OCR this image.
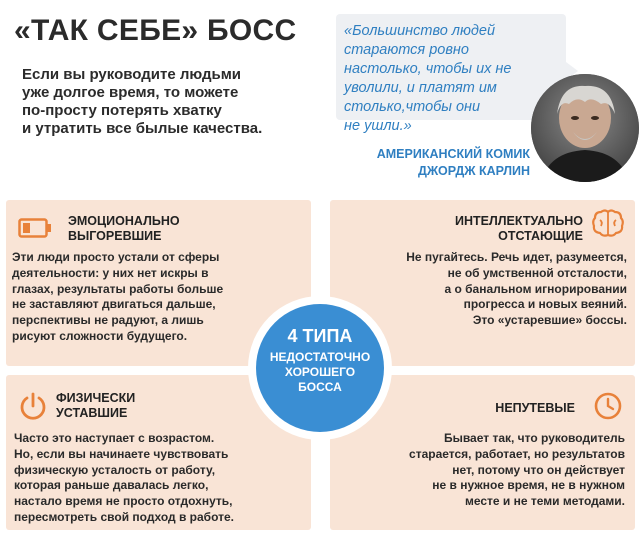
«ТАК СЕБЕ» БОСС
Если вы руководите людьми
уже долгое время, то можете
по-просту потерять хватку
и утратить все былые качества.
«Большинство людей
стараются ровно
настолько, чтобы их не
уволили, и платят им
столько,чтобы они
не ушли.»
АМЕРИКАНСКИЙ КОМИК
ДЖОРДЖ КАРЛИН
ЭМОЦИОНАЛЬНО
ВЫГОРЕВШИЕ
Эти люди просто устали от сферы
деятельности: у них нет искры в
глазах, результаты работы больше
не заставляют двигаться дальше,
перспективы не радуют, а лишь
рисуют сложности будущего.
ИНТЕЛЛЕКТУАЛЬНО
ОТСТАЮЩИЕ
Не пугайтесь. Речь идет, разумеется,
не об умственной отсталости,
а о банальном игнорировании
прогресса и новых веяний.
Это «устаревшие» боссы.
ФИЗИЧЕСКИ
УСТАВШИЕ
Часто это наступает с возрастом.
Но, если вы начинаете чувствовать
физическую усталость от работу,
которая раньше давалась легко,
настало время не просто отдохнуть,
пересмотреть свой подход в работе.
НЕПУТЕВЫЕ
Бывает так, что руководитель
старается, работает, но результатов
нет, потому что он действует
не в нужное время, не в нужном
месте и не теми методами.
4 ТИПА
НЕДОСТАТОЧНО
ХОРОШЕГО
БОССА
